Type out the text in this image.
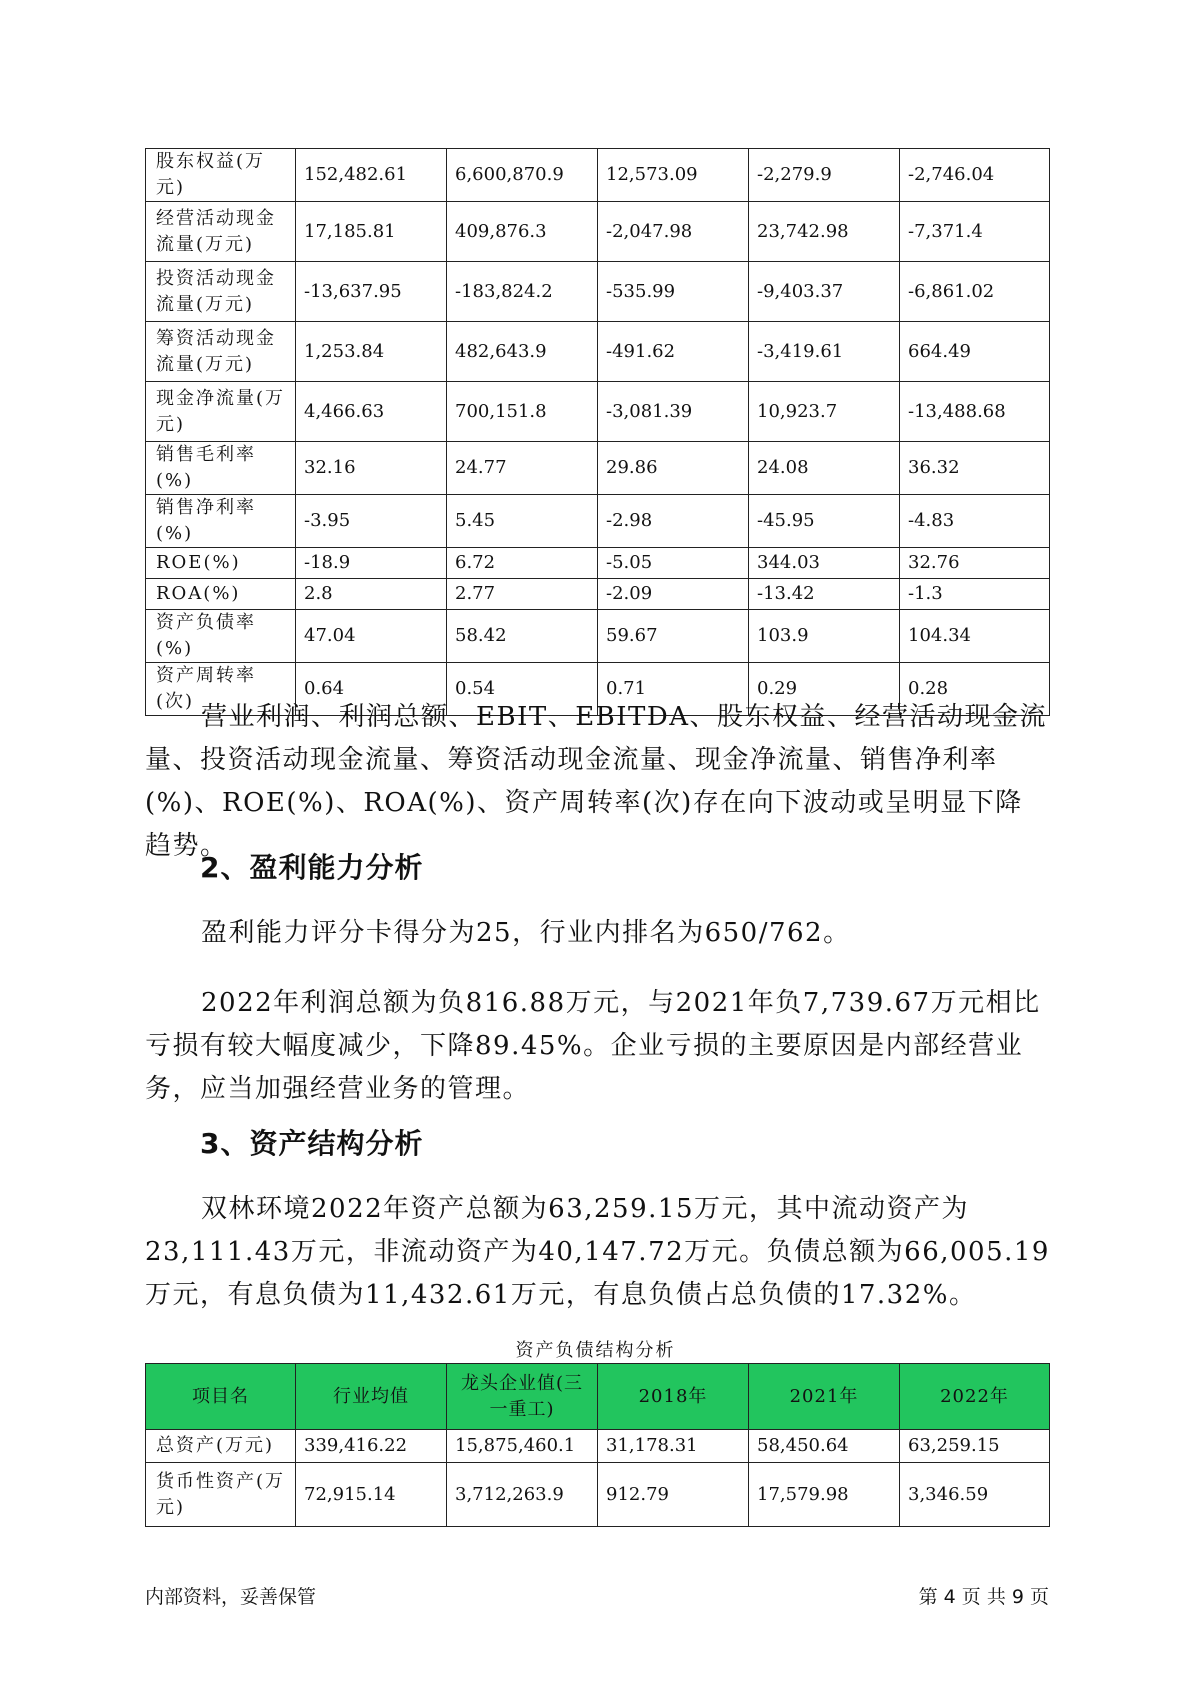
股东权益(万元)	152,482.61	6,600,870.9	12,573.09	-2,279.9	-2,746.04
经营活动现金流量(万元)	17,185.81	409,876.3	-2,047.98	23,742.98	-7,371.4
投资活动现金流量(万元)	-13,637.95	-183,824.2	-535.99	-9,403.37	-6,861.02
筹资活动现金流量(万元)	1,253.84	482,643.9	-491.62	-3,419.61	664.49
现金净流量(万元)	4,466.63	700,151.8	-3,081.39	10,923.7	-13,488.68
销售毛利率(%)	32.16	24.77	29.86	24.08	36.32
销售净利率(%)	-3.95	5.45	-2.98	-45.95	-4.83
ROE(%)	-18.9	6.72	-5.05	344.03	32.76
ROA(%)	2.8	2.77	-2.09	-13.42	-1.3
资产负债率(%)	47.04	58.42	59.67	103.9	104.34
资产周转率(次)	0.64	0.54	0.71	0.29	0.28

营业利润、利润总额、EBIT、EBITDA、股东权益、经营活动现金流量、投资活动现金流量、筹资活动现金流量、现金净流量、销售净利率(%)、ROE(%)、ROA(%)、资产周转率(次)存在向下波动或呈明显下降趋势。

2、盈利能力分析

盈利能力评分卡得分为25，行业内排名为650/762。

2022年利润总额为负816.88万元，与2021年负7,739.67万元相比亏损有较大幅度减少，下降89.45%。企业亏损的主要原因是内部经营业务，应当加强经营业务的管理。

3、资产结构分析

双林环境2022年资产总额为63,259.15万元，其中流动资产为23,111.43万元，非流动资产为40,147.72万元。负债总额为66,005.19万元，有息负债为11,432.61万元，有息负债占总负债的17.32%。

资产负债结构分析

项目名	行业均值	龙头企业值(三一重工)	2018年	2021年	2022年
总资产(万元)	339,416.22	15,875,460.1	31,178.31	58,450.64	63,259.15
货币性资产(万元)	72,915.14	3,712,263.9	912.79	17,579.98	3,346.59
内部资料，妥善保管	第 4 页 共 9 页
